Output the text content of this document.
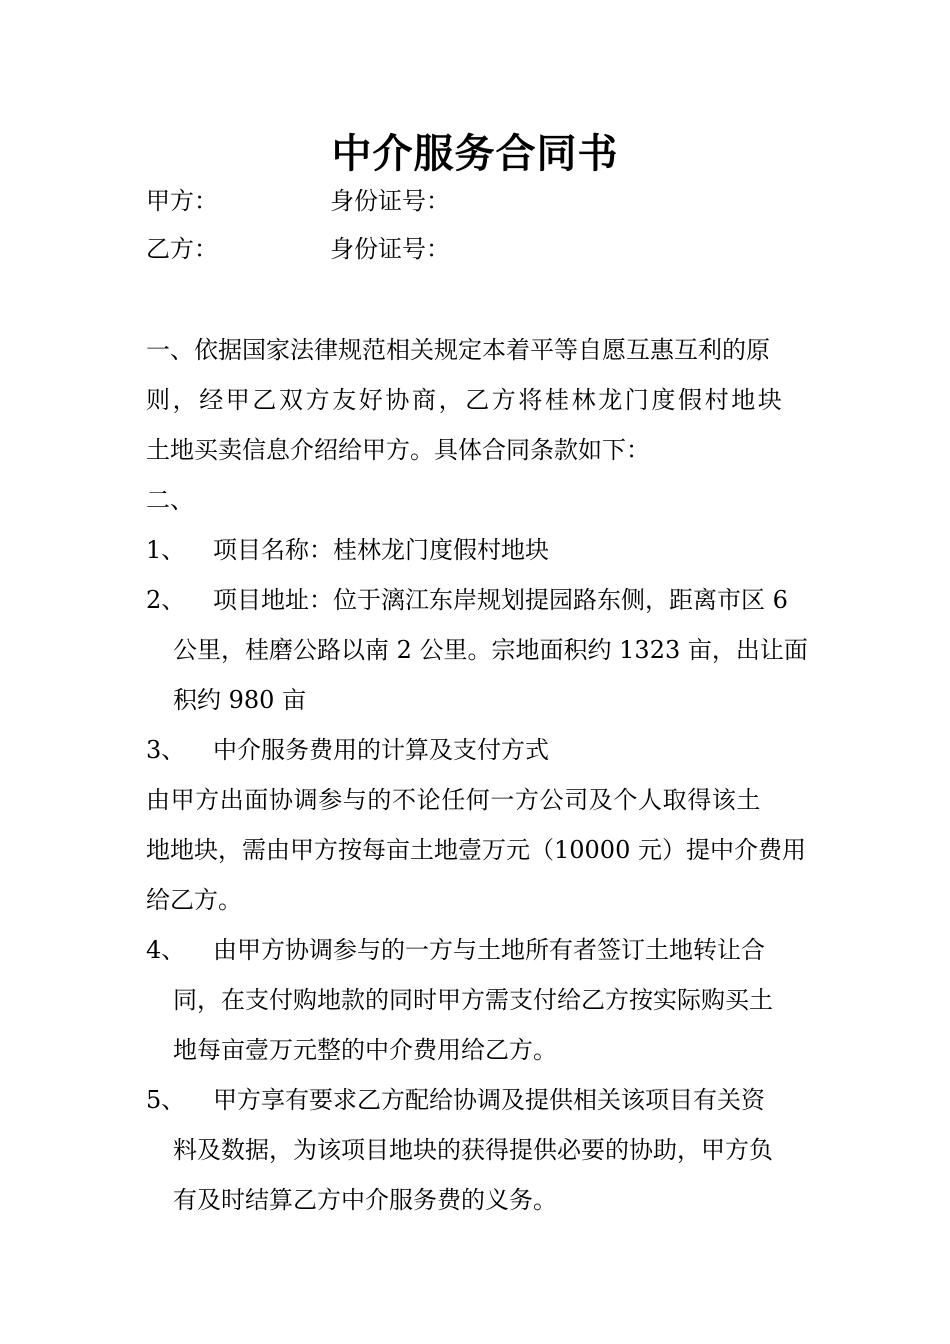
中介服务合同书
甲方：	身份证号：
乙方：	身份证号：
一、依据国家法律规范相关规定本着平等自愿互惠互利的原
则，经甲乙双方友好协商，乙方将桂林龙门度假村地块
土地买卖信息介绍给甲方。具体合同条款如下：
二、
1、 项目名称：桂林龙门度假村地块
2、 项目地址：位于漓江东岸规划提园路东侧，距离市区 6
公里，桂磨公路以南 2 公里。宗地面积约 1323 亩，出让面
积约 980 亩
3、 中介服务费用的计算及支付方式
由甲方出面协调参与的不论任何一方公司及个人取得该土
地地块，需由甲方按每亩土地壹万元（10000 元）提中介费用
给乙方。
4、 由甲方协调参与的一方与土地所有者签订土地转让合
同，在支付购地款的同时甲方需支付给乙方按实际购买土
地每亩壹万元整的中介费用给乙方。
5、 甲方享有要求乙方配给协调及提供相关该项目有关资
料及数据，为该项目地块的获得提供必要的协助，甲方负
有及时结算乙方中介服务费的义务。
